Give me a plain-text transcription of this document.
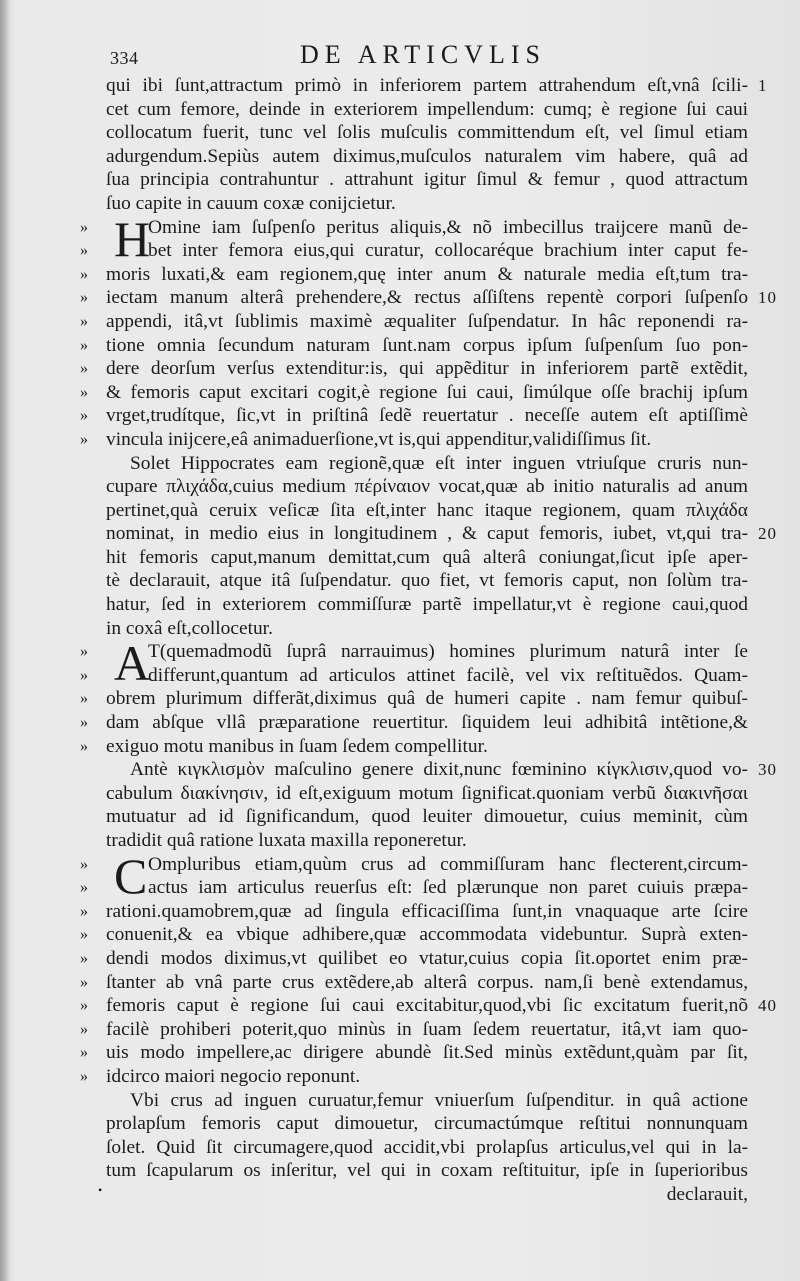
334	DE ARTICVLIS
qui ibi ſunt,attractum primò in inferiorem partem attrahendum eſt,vnâ ſcili- 1
cet cum femore, deinde in exteriorem impellendum: cumq; è regione ſui caui
collocatum fuerit, tunc vel ſolis muſculis committendum eſt, vel ſimul etiam
adurgendum.Sepiùs autem diximus,muſculos naturalem vim habere, quâ ad
ſua principia contrahuntur . attrahunt igitur ſimul & femur , quod attractum
ſuo capite in cauum coxæ conijcietur.
» H
Omine iam ſuſpenſo peritus aliquis,& nõ imbecillus traijcere manũ de-
»	bet inter femora eius,qui curatur, collocaréque brachium inter caput fe-
» moris luxati,& eam regionem,quę inter anum & naturale media eſt,tum tra-
» iectam manum alterâ prehendere,& rectus aſſiſtens repentè corpori ſuſpenſo 10
» appendi, itâ,vt ſublimis maximè æqualiter ſuſpendatur. In hâc reponendi ra-
» tione omnia ſecundum naturam ſunt.nam corpus ipſum ſuſpenſum ſuo pon-
» dere deorſum verſus extenditur:is, qui appẽditur in inferiorem partẽ extẽdit,
» & femoris caput excitari cogit,è regione ſui caui, ſimúlque oſſe brachij ipſum
» vrget,trudítque, ſic,vt in priſtinâ ſedẽ reuertatur . neceſſe autem eſt aptiſſimè
» vincula inijcere,eâ animaduerſione,vt is,qui appenditur,validiſſimus ſit.
Solet Hippocrates eam regionẽ,quæ eſt inter inguen vtriuſque cruris nun-
cupare πλιχάδα,cuius medium πέρίναιον vocat,quæ ab initio naturalis ad anum
pertinet,quà ceruix veſicæ ſita eſt,inter hanc itaque regionem, quam πλιχάδα
nominat, in medio eius in longitudinem , & caput femoris, iubet, vt,qui tra- 20
hit femoris caput,manum demittat,cum quâ alterâ coniungat,ſicut ipſe aper-
tè declarauit, atque itâ ſuſpendatur. quo fiet, vt femoris caput, non ſolùm tra-
hatur, ſed in exteriorem commiſſuræ partẽ impellatur,vt è regione caui,quod
in coxâ eſt,collocetur.
» A
T(quemadmodũ ſuprâ narrauimus) homines plurimum naturâ inter ſe
»	differunt,quantum ad articulos attinet facilè, vel vix reſtituẽdos. Quam-
» obrem plurimum differãt,diximus quâ de humeri capite . nam femur quibuſ-
» dam abſque vllâ præparatione reuertitur. ſiquidem leui adhibitâ intẽtione,&
» exiguo motu manibus in ſuam ſedem compellitur.
Antè κιγκλισμὸν maſculino genere dixit,nunc fœminino κίγκλισιν,quod vo- 30
cabulum διακίνησιν, id eſt,exiguum motum ſignificat.quoniam verbũ διακινῆσαι
mutuatur ad id ſignificandum, quod leuiter dimouetur, cuius meminit, cùm
tradidit quâ ratione luxata maxilla reponeretur.
» C Ompluribus etiam,quùm crus ad commiſſuram hanc flecterent,circum-
»	actus iam articulus reuerſus eſt: ſed plærunque non paret cuiuis præpa-
» rationi.quamobrem,quæ ad ſingula efficaciſſima ſunt,in vnaquaque arte ſcire
» conuenit,& ea vbique adhibere,quæ accommodata videbuntur. Suprà exten-
» dendi modos diximus,vt quilibet eo vtatur,cuius copia ſit.oportet enim præ-
» ſtanter ab vnâ parte crus extẽdere,ab alterâ corpus. nam,ſi benè extendamus,
» femoris caput è regione ſui caui excitabitur,quod,vbi ſic excitatum fuerit,nõ 40
» facilè prohiberi poterit,quo minùs in ſuam ſedem reuertatur, itâ,vt iam quo-
» uis modo impellere,ac dirigere abundè ſit.Sed minùs extẽdunt,quàm par ſit,
» idcirco maiori negocio reponunt.
Vbi crus ad inguen curuatur,femur vniuerſum ſuſpenditur. in quâ actione
prolapſum femoris caput dimouetur, circumactúmque reſtitui nonnunquam
ſolet. Quid ſit circumagere,quod accidit,vbi prolapſus articulus,vel qui in la-
tum ſcapularum os inſeritur, vel qui in coxam reſtituitur, ipſe in ſuperioribus
declarauit,
•
